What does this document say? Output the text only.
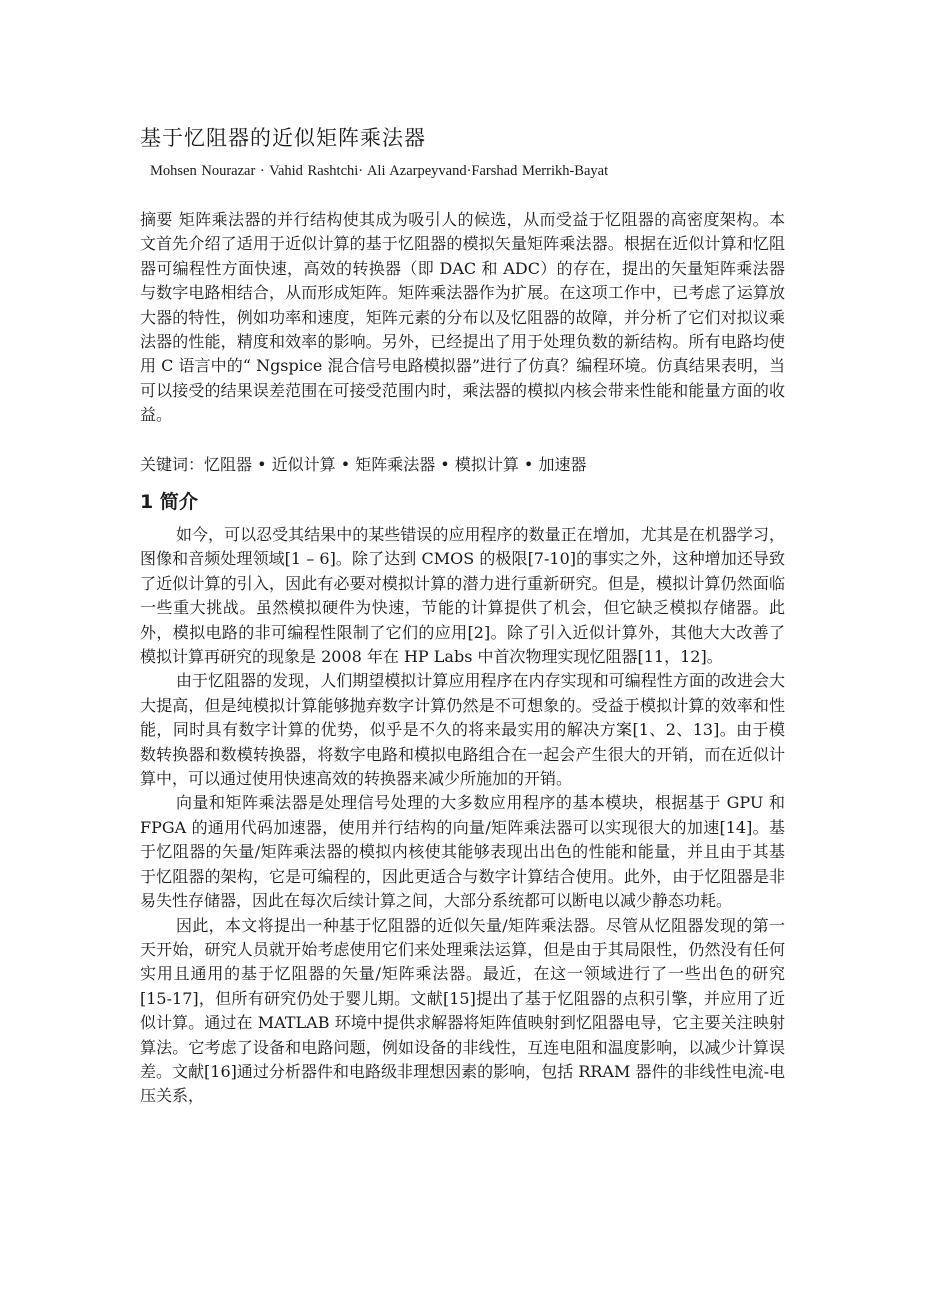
基于忆阻器的近似矩阵乘法器
Mohsen Nourazar · Vahid Rashtchi· Ali Azarpeyvand·Farshad Merrikh-Bayat
摘要 矩阵乘法器的并行结构使其成为吸引人的候选，从而受益于忆阻器的高密度架构。本文首先介绍了适用于近似计算的基于忆阻器的模拟矢量矩阵乘法器。根据在近似计算和忆阻器可编程性方面快速，高效的转换器（即 DAC 和 ADC）的存在，提出的矢量矩阵乘法器与数字电路相结合，从而形成矩阵。矩阵乘法器作为扩展。在这项工作中，已考虑了运算放大器的特性，例如功率和速度，矩阵元素的分布以及忆阻器的故障，并分析了它们对拟议乘法器的性能，精度和效率的影响。另外，已经提出了用于处理负数的新结构。所有电路均使用 C 语言中的“ Ngspice 混合信号电路模拟器”进行了仿真？编程环境。仿真结果表明，当可以接受的结果误差范围在可接受范围内时，乘法器的模拟内核会带来性能和能量方面的收益。
关键词：忆阻器 • 近似计算 • 矩阵乘法器 • 模拟计算 • 加速器
1 简介

如今，可以忍受其结果中的某些错误的应用程序的数量正在增加，尤其是在机器学习，图像和音频处理领域[1 – 6]。除了达到 CMOS 的极限[7-10]的事实之外，这种增加还导致了近似计算的引入，因此有必要对模拟计算的潜力进行重新研究。但是，模拟计算仍然面临一些重大挑战。虽然模拟硬件为快速，节能的计算提供了机会，但它缺乏模拟存储器。此外，模拟电路的非可编程性限制了它们的应用[2]。除了引入近似计算外，其他大大改善了模拟计算再研究的现象是 2008 年在 HP Labs 中首次物理实现忆阻器[11，12]。

由于忆阻器的发现，人们期望模拟计算应用程序在内存实现和可编程性方面的改进会大大提高，但是纯模拟计算能够抛弃数字计算仍然是不可想象的。受益于模拟计算的效率和性能，同时具有数字计算的优势，似乎是不久的将来最实用的解决方案[1、2、13]。由于模数转换器和数模转换器，将数字电路和模拟电路组合在一起会产生很大的开销，而在近似计算中，可以通过使用快速高效的转换器来减少所施加的开销。

向量和矩阵乘法器是处理信号处理的大多数应用程序的基本模块，根据基于 GPU 和 FPGA 的通用代码加速器，使用并行结构的向量/矩阵乘法器可以实现很大的加速[14]。基于忆阻器的矢量/矩阵乘法器的模拟内核使其能够表现出出色的性能和能量，并且由于其基于忆阻器的架构，它是可编程的，因此更适合与数字计算结合使用。此外，由于忆阻器是非易失性存储器，因此在每次后续计算之间，大部分系统都可以断电以减少静态功耗。

因此，本文将提出一种基于忆阻器的近似矢量/矩阵乘法器。尽管从忆阻器发现的第一天开始，研究人员就开始考虑使用它们来处理乘法运算，但是由于其局限性，仍然没有任何实用且通用的基于忆阻器的矢量/矩阵乘法器。最近，在这一领域进行了一些出色的研究[15-17]，但所有研究仍处于婴儿期。文献[15]提出了基于忆阻器的点积引擎，并应用了近似计算。通过在 MATLAB 环境中提供求解器将矩阵值映射到忆阻器电导，它主要关注映射算法。它考虑了设备和电路问题，例如设备的非线性，互连电阻和温度影响，以减少计算误差。文献[16]通过分析器件和电路级非理想因素的影响，包括 RRAM 器件的非线性电流-电压关系，
